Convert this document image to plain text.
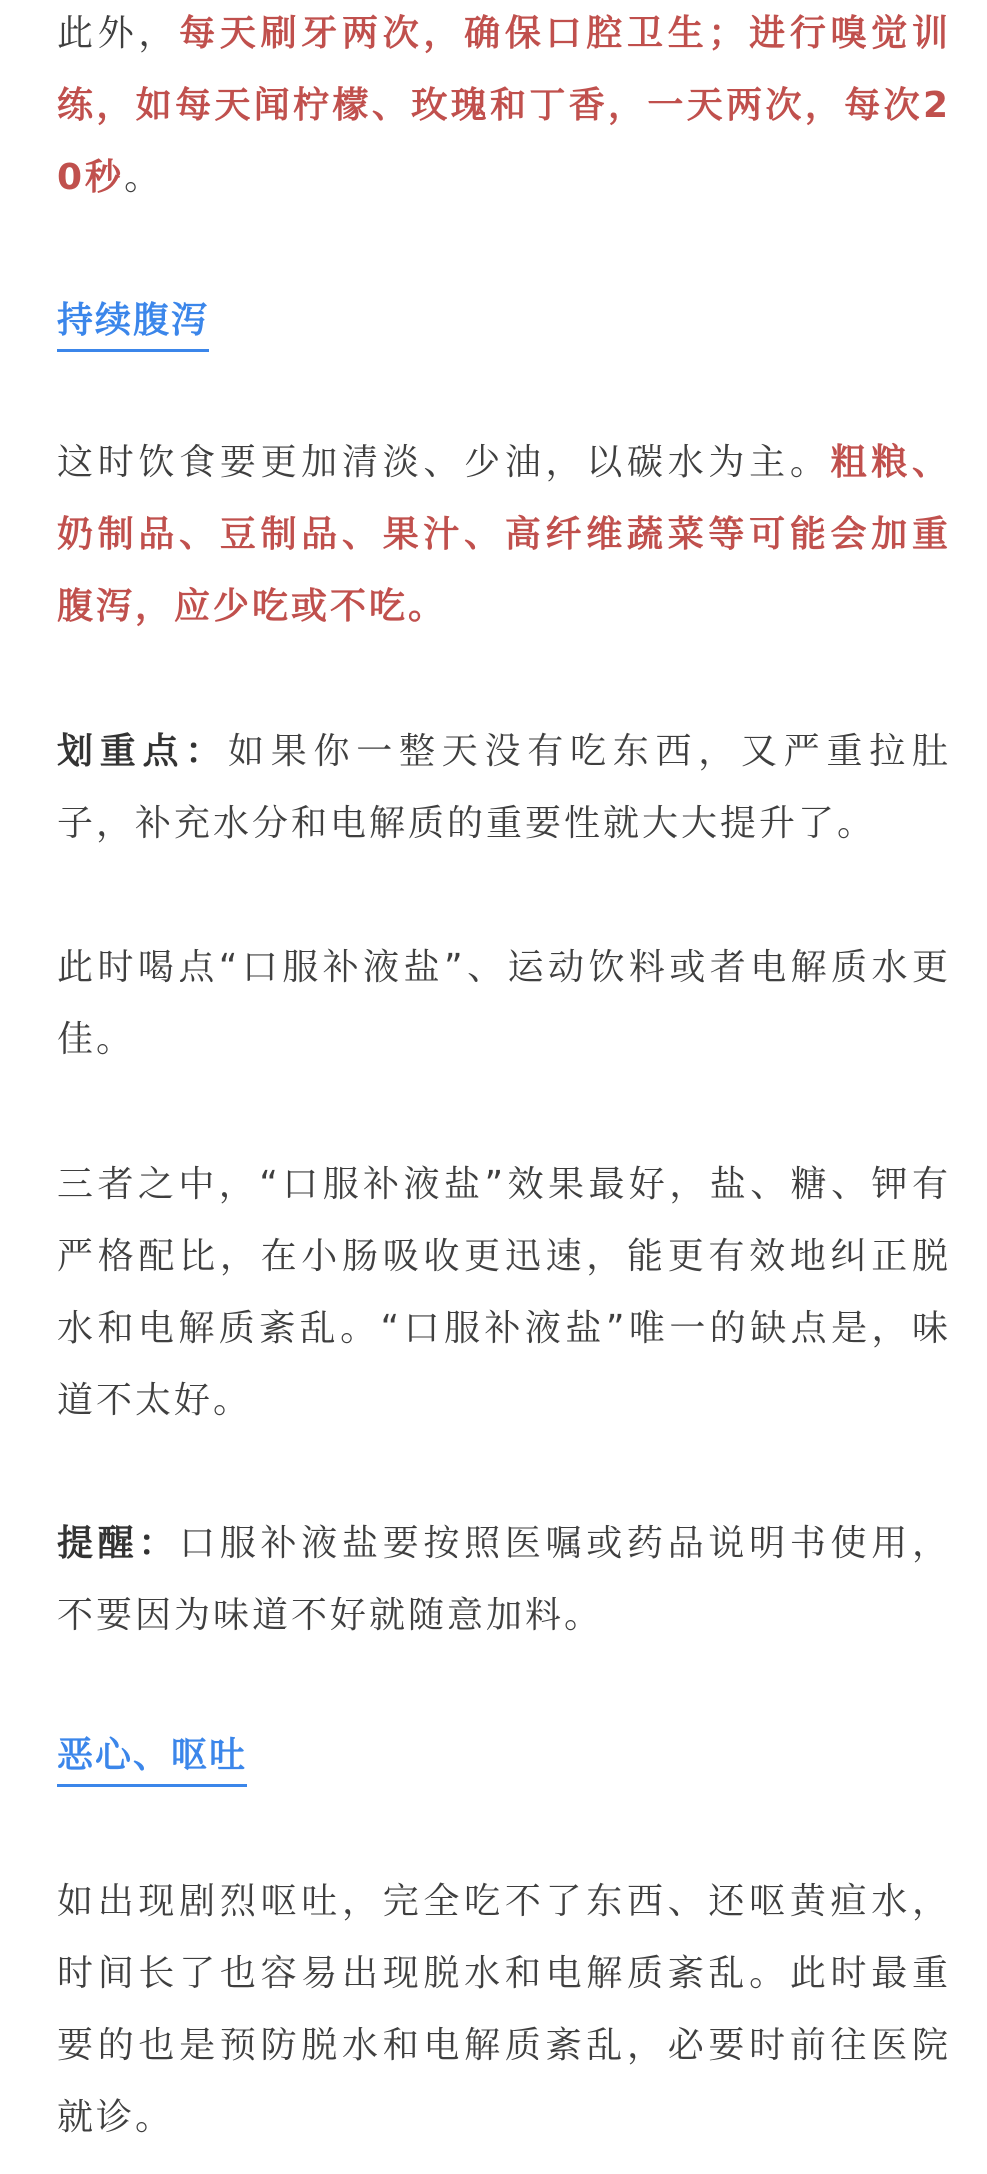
此外，每天刷牙两次，确保口腔卫生；进行嗅觉训练，如每天闻柠檬、玫瑰和丁香，一天两次，每次20秒。

持续腹泻

这时饮食要更加清淡、少油，以碳水为主。粗粮、奶制品、豆制品、果汁、高纤维蔬菜等可能会加重腹泻，应少吃或不吃。

划重点：如果你一整天没有吃东西，又严重拉肚子，补充水分和电解质的重要性就大大提升了。

此时喝点“口服补液盐”、运动饮料或者电解质水更佳。

三者之中，“口服补液盐”效果最好，盐、糖、钾有严格配比，在小肠吸收更迅速，能更有效地纠正脱水和电解质紊乱。“口服补液盐”唯一的缺点是，味道不太好。

提醒：口服补液盐要按照医嘱或药品说明书使用，不要因为味道不好就随意加料。

恶心、呕吐

如出现剧烈呕吐，完全吃不了东西、还呕黄疸水，时间长了也容易出现脱水和电解质紊乱。此时最重要的也是预防脱水和电解质紊乱，必要时前往医院就诊。
